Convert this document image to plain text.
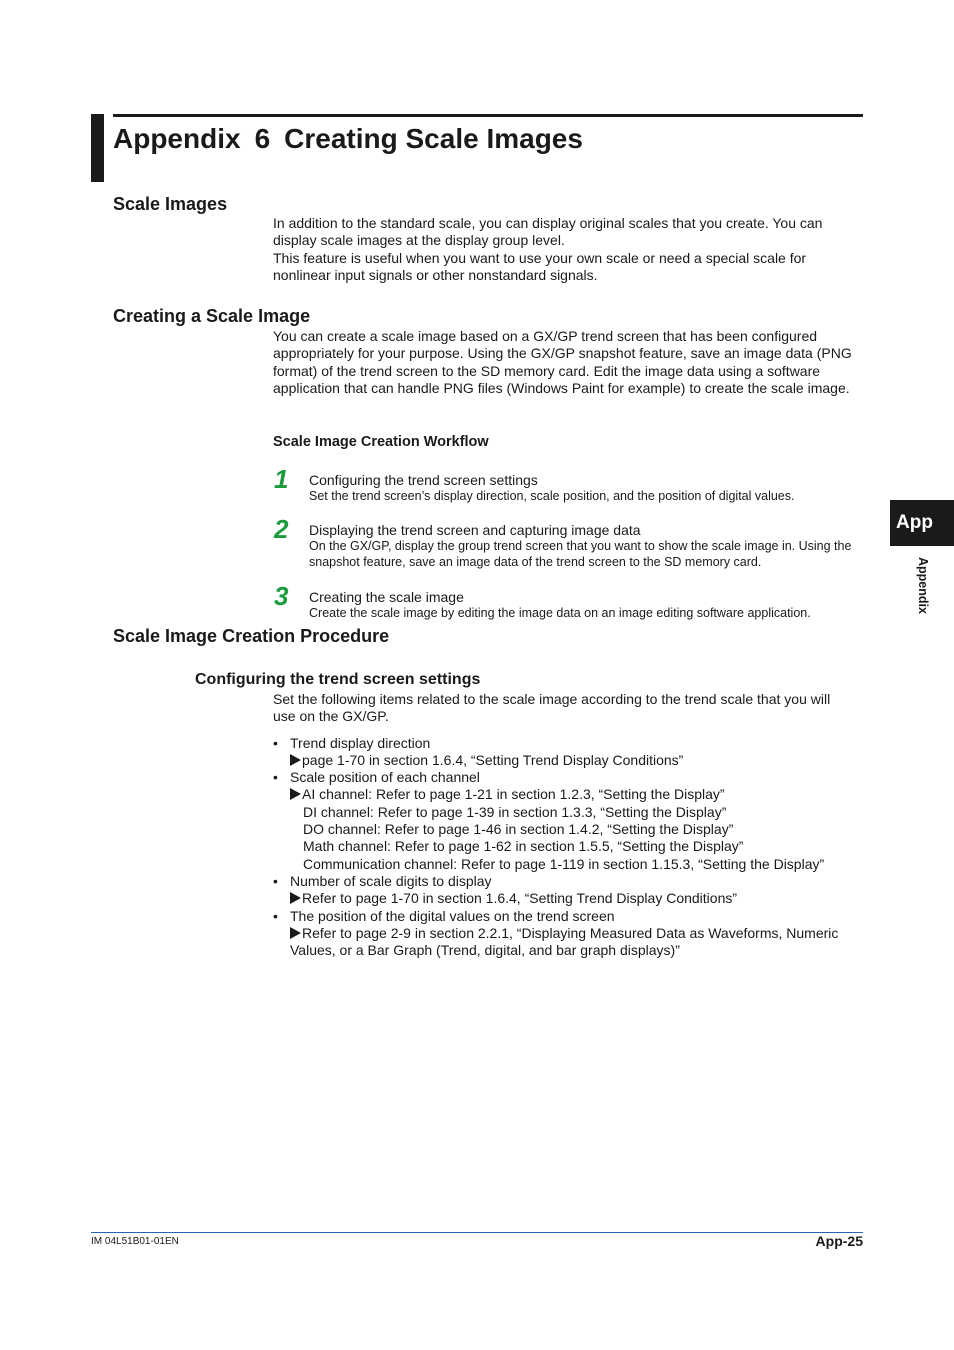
Appendix 6 Creating Scale Images
Scale Images

In addition to the standard scale, you can display original scales that you create. You can display scale images at the display group level.

This feature is useful when you want to use your own scale or need a special scale for nonlinear input signals or other nonstandard signals.

Creating a Scale Image

You can create a scale image based on a GX/GP trend screen that has been configured appropriately for your purpose. Using the GX/GP snapshot feature, save an image data (PNG format) of the trend screen to the SD memory card. Edit the image data using a software application that can handle PNG files (Windows Paint for example) to create the scale image.

Scale Image Creation Workflow
1 Configuring the trend screen settings
Set the trend screen’s display direction, scale position, and the position of digital values.
2 Displaying the trend screen and capturing image data
On the GX/GP, display the group trend screen that you want to show the scale image in. Using the snapshot feature, save an image data of the trend screen to the SD memory card.
3 Creating the scale image
Create the scale image by editing the image data on an image editing software application.
Scale Image Creation Procedure
Configuring the trend screen settings

Set the following items related to the scale image according to the trend scale that you will use on the GX/GP.

• Trend display direction
page 1-70 in section 1.6.4, “Setting Trend Display Conditions”
• Scale position of each channel
AI channel: Refer to page 1-21 in section 1.2.3, “Setting the Display”
DI channel: Refer to page 1-39 in section 1.3.3, “Setting the Display”
DO channel: Refer to page 1-46 in section 1.4.2, “Setting the Display”
Math channel: Refer to page 1-62 in section 1.5.5, “Setting the Display”
Communication channel: Refer to page 1-119 in section 1.15.3, “Setting the Display”
• Number of scale digits to display
Refer to page 1-70 in section 1.6.4, “Setting Trend Display Conditions”
• The position of the digital values on the trend screen
Refer to page 2-9 in section 2.2.1, “Displaying Measured Data as Waveforms, Numeric
Values, or a Bar Graph (Trend, digital, and bar graph displays)”
App
Appendix
IM 04L51B01-01EN	App-25
